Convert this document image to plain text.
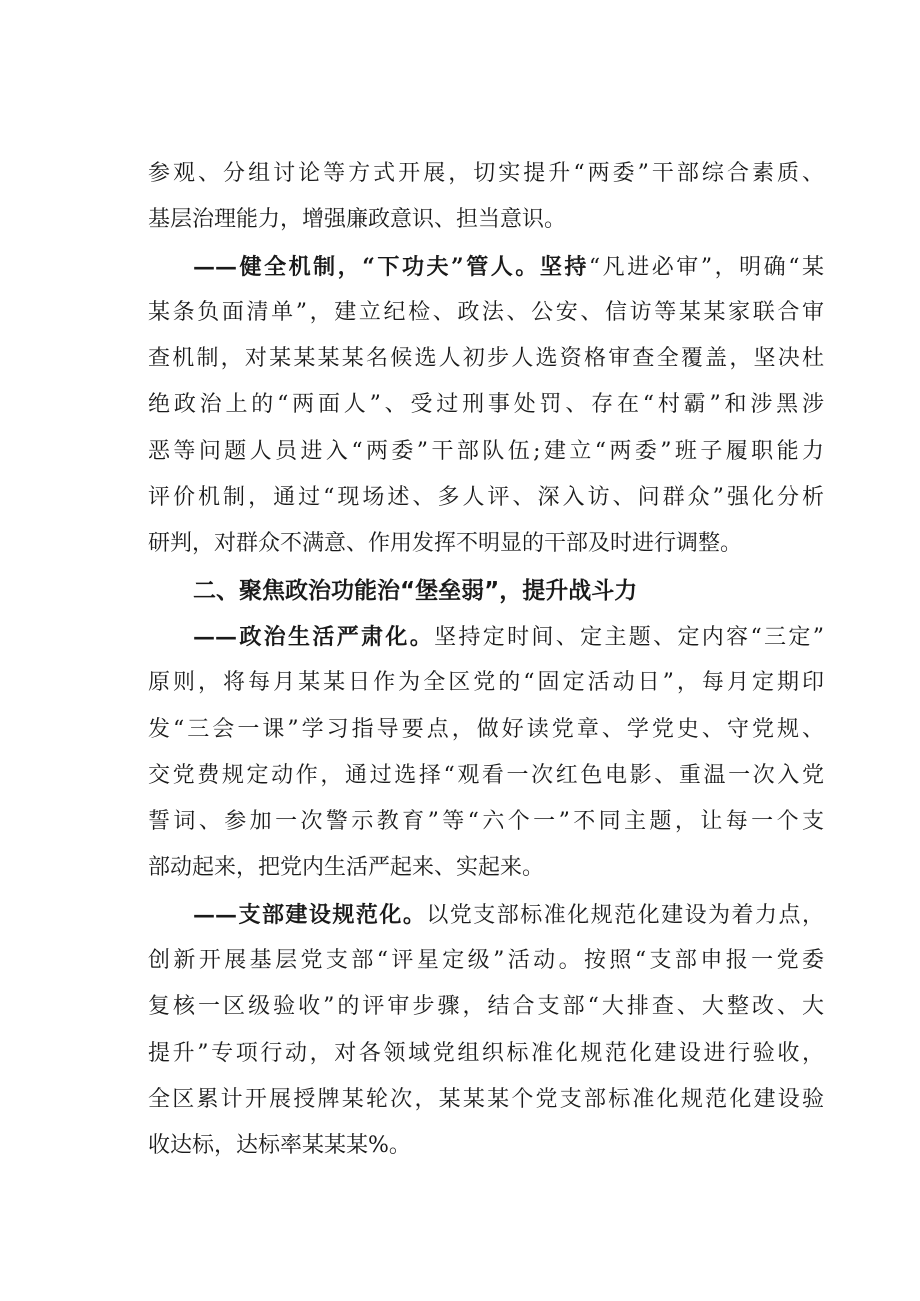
参观、分组讨论等方式开展，切实提升“两委”干部综合素质、
基层治理能力，增强廉政意识、担当意识。
——健全机制，“下功夫”管人。坚持“凡进必审”，明确“某
某条负面清单”，建立纪检、政法、公安、信访等某某家联合审
查机制，对某某某某名候选人初步人选资格审查全覆盖，坚决杜
绝政治上的“两面人”、受过刑事处罚、存在“村霸”和涉黑涉
恶等问题人员进入“两委”干部队伍;建立“两委”班子履职能力
评价机制，通过“现场述、多人评、深入访、问群众”强化分析
研判，对群众不满意、作用发挥不明显的干部及时进行调整。
二、聚焦政治功能治“堡垒弱”，提升战斗力
——政治生活严肃化。坚持定时间、定主题、定内容“三定”
原则，将每月某某日作为全区党的“固定活动日”，每月定期印
发“三会一课”学习指导要点，做好读党章、学党史、守党规、
交党费规定动作，通过选择“观看一次红色电影、重温一次入党
誓词、参加一次警示教育”等“六个一”不同主题，让每一个支
部动起来，把党内生活严起来、实起来。
——支部建设规范化。以党支部标准化规范化建设为着力点，
创新开展基层党支部“评星定级”活动。按照“支部申报一党委
复核一区级验收”的评审步骤，结合支部“大排查、大整改、大
提升”专项行动，对各领域党组织标准化规范化建设进行验收，
全区累计开展授牌某轮次，某某某个党支部标准化规范化建设验
收达标，达标率某某某%。
